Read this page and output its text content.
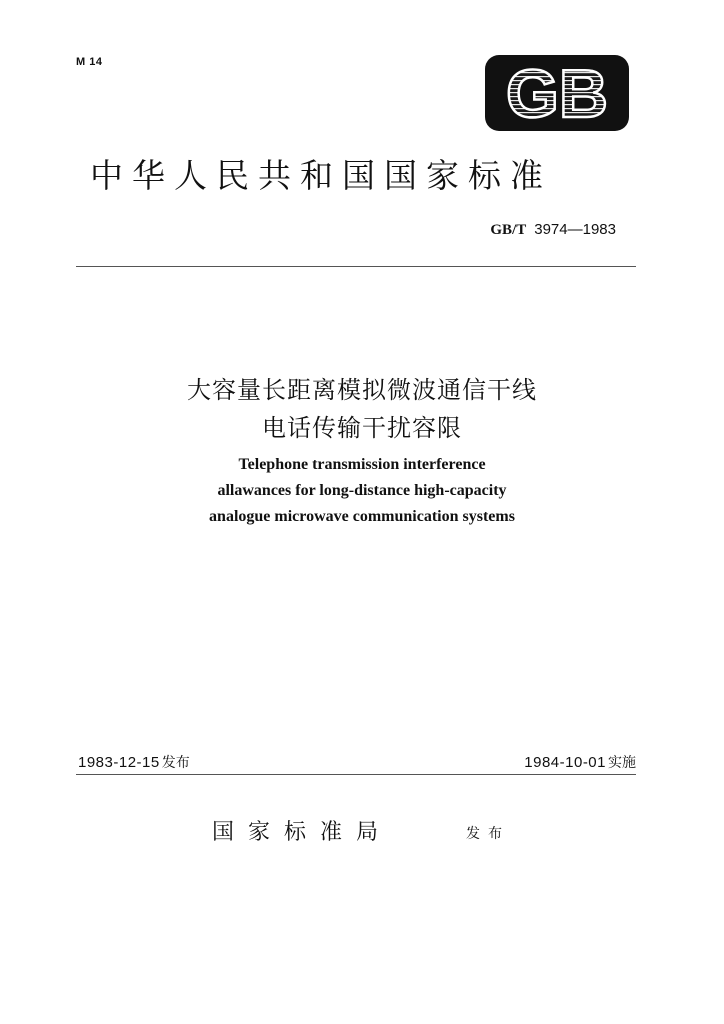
M 14	GB
中华人民共和国国家标准
GB/T 3974—1983
大容量长距离模拟微波通信干线
电话传输干扰容限
Telephone transmission interference
allawances for long-distance high-capacity
analogue microwave communication systems
1983-12-15 发布	1984-10-01 实施
国家标准局	发布
